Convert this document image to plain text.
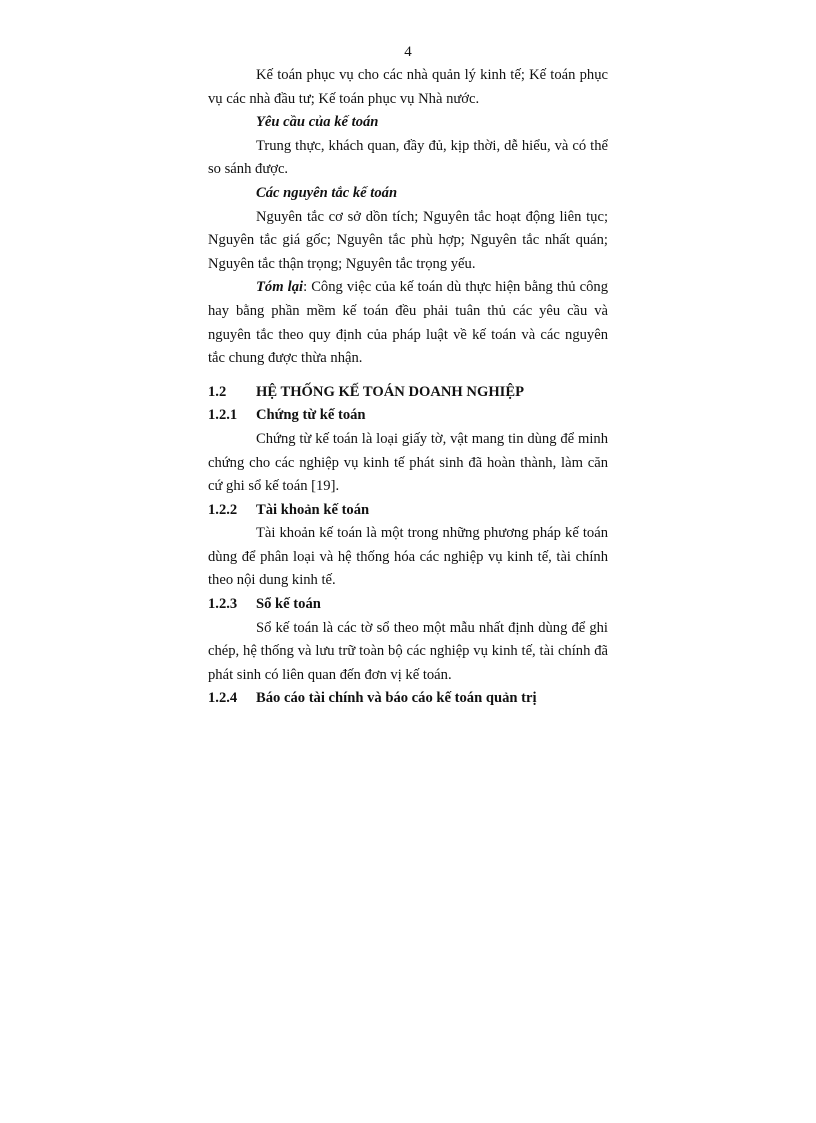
4

Kế toán phục vụ cho các nhà quản lý kinh tế; Kế toán phục vụ các nhà đầu tư; Kế toán phục vụ Nhà nước.

Yêu cầu của kế toán

Trung thực, khách quan, đầy đủ, kịp thời, dễ hiểu, và có thể so sánh được.

Các nguyên tắc kế toán

Nguyên tắc cơ sở dồn tích; Nguyên tắc hoạt động liên tục; Nguyên tắc giá gốc; Nguyên tắc phù hợp; Nguyên tắc nhất quán; Nguyên tắc thận trọng; Nguyên tắc trọng yếu.

Tóm lại: Công việc của kế toán dù thực hiện bằng thủ công hay bằng phần mềm kế toán đều phải tuân thủ các yêu cầu và nguyên tắc theo quy định của pháp luật về kế toán và các nguyên tắc chung được thừa nhận.

1.2	HỆ THỐNG KẾ TOÁN DOANH NGHIỆP
1.2.1	Chứng từ kế toán

Chứng từ kế toán là loại giấy tờ, vật mang tin dùng để minh chứng cho các nghiệp vụ kinh tế phát sinh đã hoàn thành, làm căn cứ ghi sổ kế toán [19].

1.2.2	Tài khoản kế toán

Tài khoản kế toán là một trong những phương pháp kế toán dùng để phân loại và hệ thống hóa các nghiệp vụ kinh tế, tài chính theo nội dung kinh tế.

1.2.3	Sổ kế toán

Sổ kế toán là các tờ sổ theo một mẫu nhất định dùng để ghi chép, hệ thống và lưu trữ toàn bộ các nghiệp vụ kinh tế, tài chính đã phát sinh có liên quan đến đơn vị kế toán.

1.2.4	Báo cáo tài chính và báo cáo kế toán quản trị
